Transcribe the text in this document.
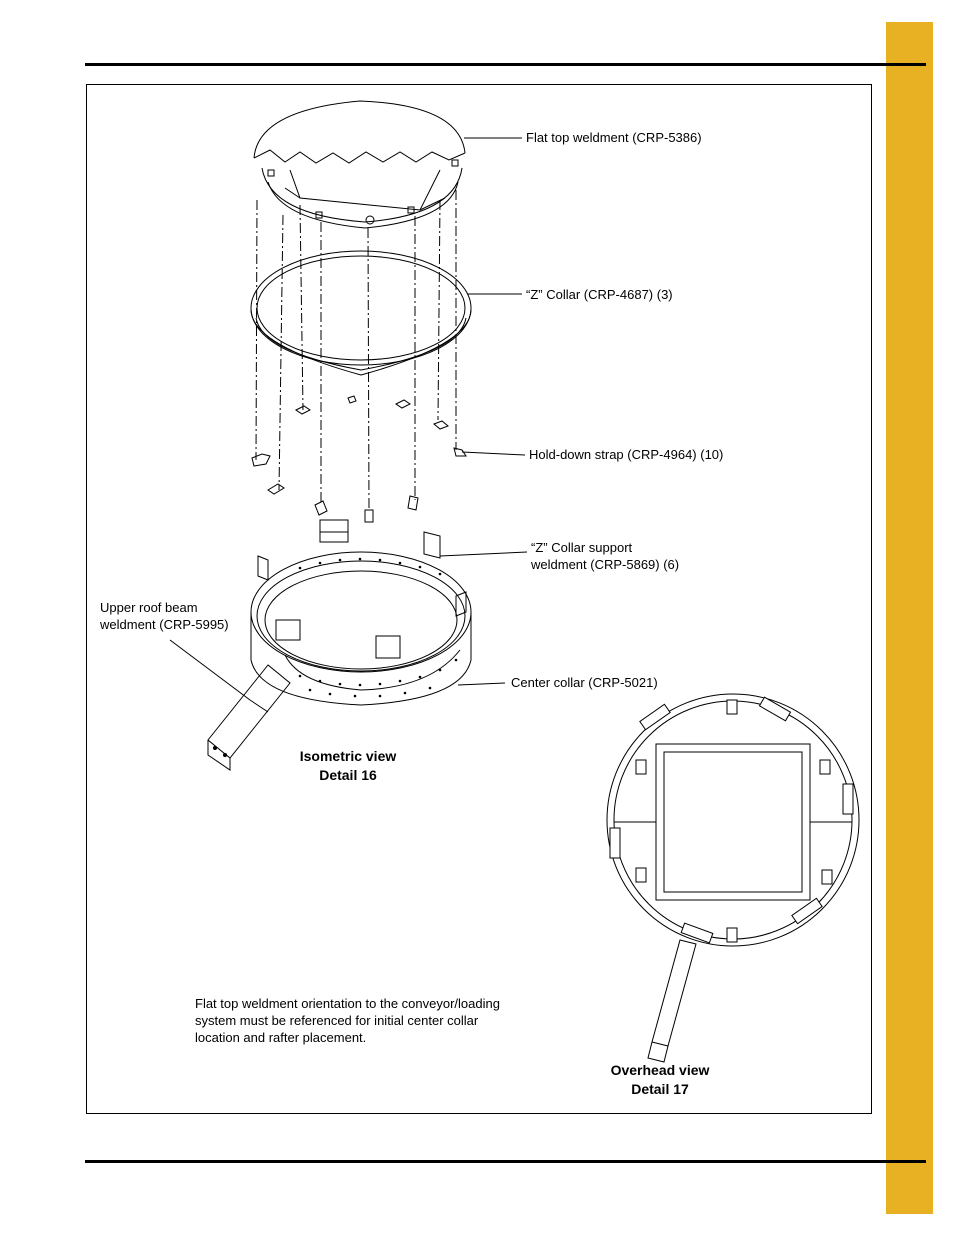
Flat top weldment (CRP-5386)
“Z” Collar (CRP-4687) (3)
Hold-down strap (CRP-4964) (10)
“Z” Collar support
weldment (CRP-5869) (6)
Upper roof beam
weldment (CRP-5995)
Center collar (CRP-5021)
Isometric view
Detail 16
Flat top weldment orientation to the conveyor/loading
system must be referenced for initial center collar
location and rafter placement.
Overhead view
Detail 17
